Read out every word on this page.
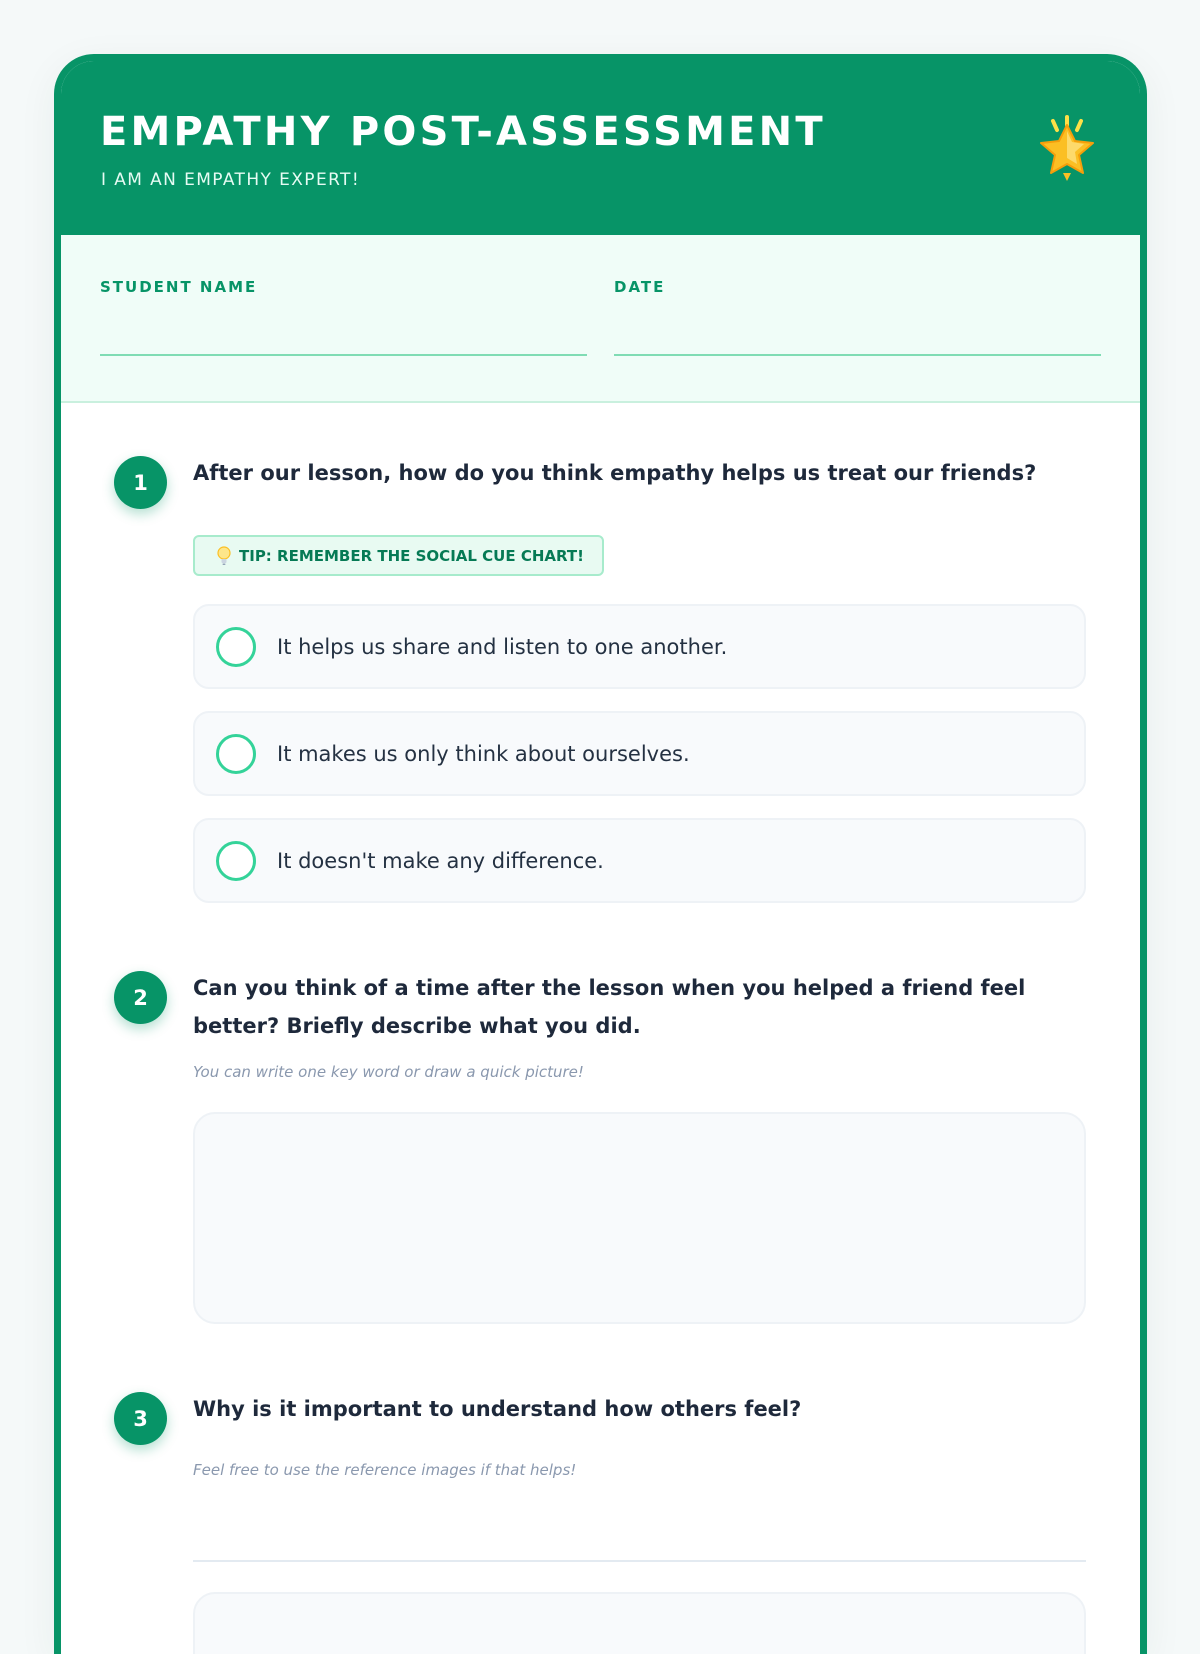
EMPATHY POST-ASSESSMENT
I AM AN EMPATHY EXPERT!
STUDENT NAME	DATE
1	After our lesson, how do you think empathy helps us treat our friends?
TIP: REMEMBER THE SOCIAL CUE CHART!
It helps us share and listen to one another.
It makes us only think about ourselves.
It doesn't make any difference.
2	Can you think of a time after the lesson when you helped a friend feel better? Briefly describe what you did.
You can write one key word or draw a quick picture!
3	Why is it important to understand how others feel?
Feel free to use the reference images if that helps!
